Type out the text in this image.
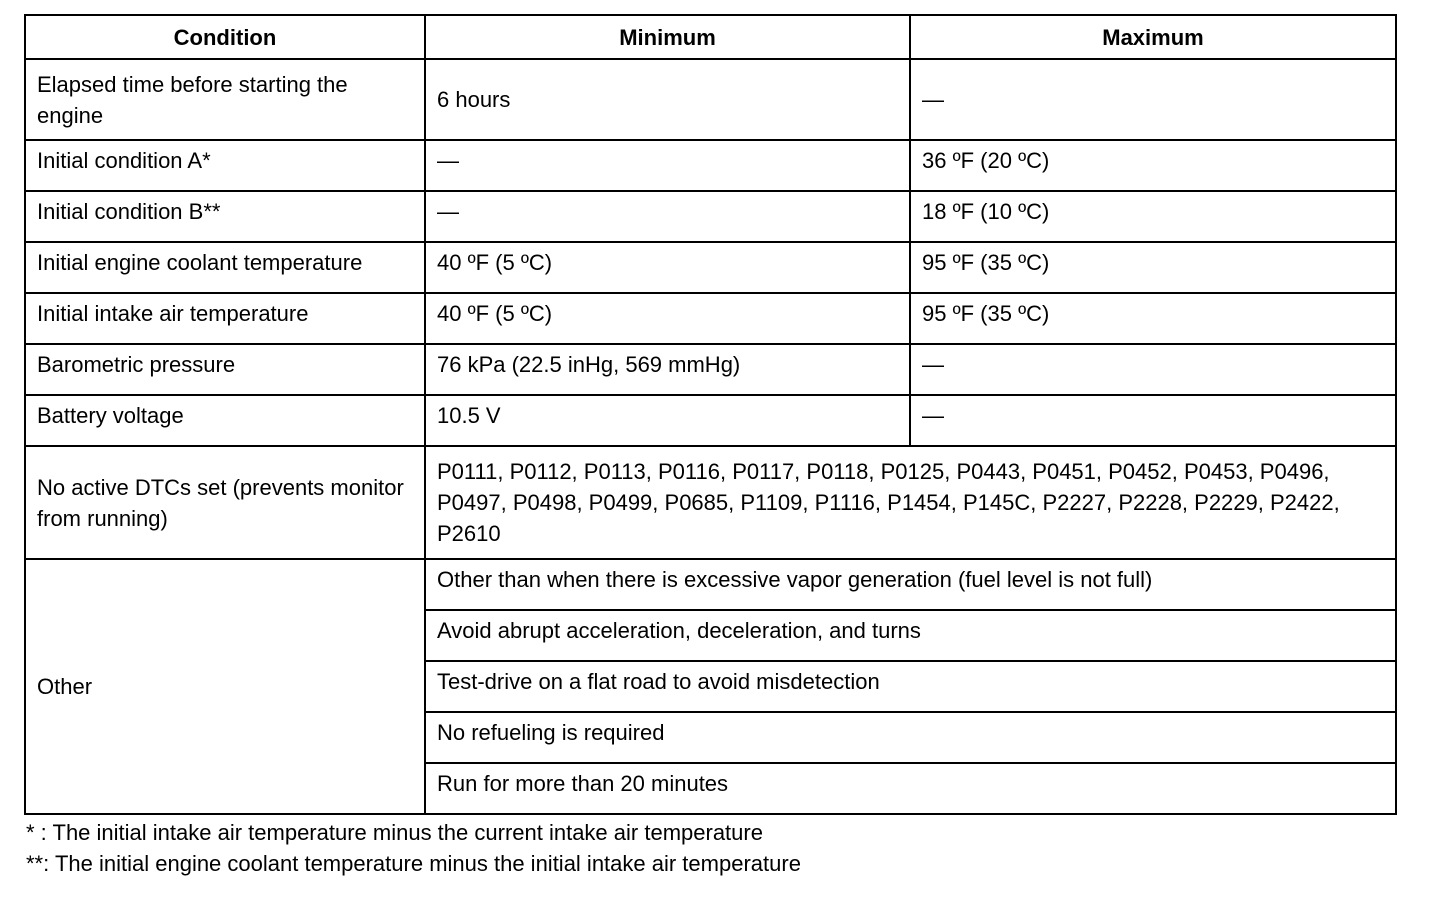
Condition	Minimum	Maximum
Elapsed time before starting the engine	6 hours	—
Initial condition A*	—	36 ºF (20 ºC)
Initial condition B**	—	18 ºF (10 ºC)
Initial engine coolant temperature	40 ºF (5 ºC)	95 ºF (35 ºC)
Initial intake air temperature	40 ºF (5 ºC)	95 ºF (35 ºC)
Barometric pressure	76 kPa (22.5 inHg, 569 mmHg)	—
Battery voltage	10.5 V	—
No active DTCs set (prevents monitor from running)	P0111, P0112, P0113, P0116, P0117, P0118, P0125, P0443, P0451, P0452, P0453, P0496, P0497, P0498, P0499, P0685, P1109, P1116, P1454, P145C, P2227, P2228, P2229, P2422, P2610	
Other	Other than when there is excessive vapor generation (fuel level is not full)	
	Avoid abrupt acceleration, deceleration, and turns	
	Test-drive on a flat road to avoid misdetection	
	No refueling is required	
	Run for more than 20 minutes	
* : The initial intake air temperature minus the current intake air temperature
**: The initial engine coolant temperature minus the initial intake air temperature
